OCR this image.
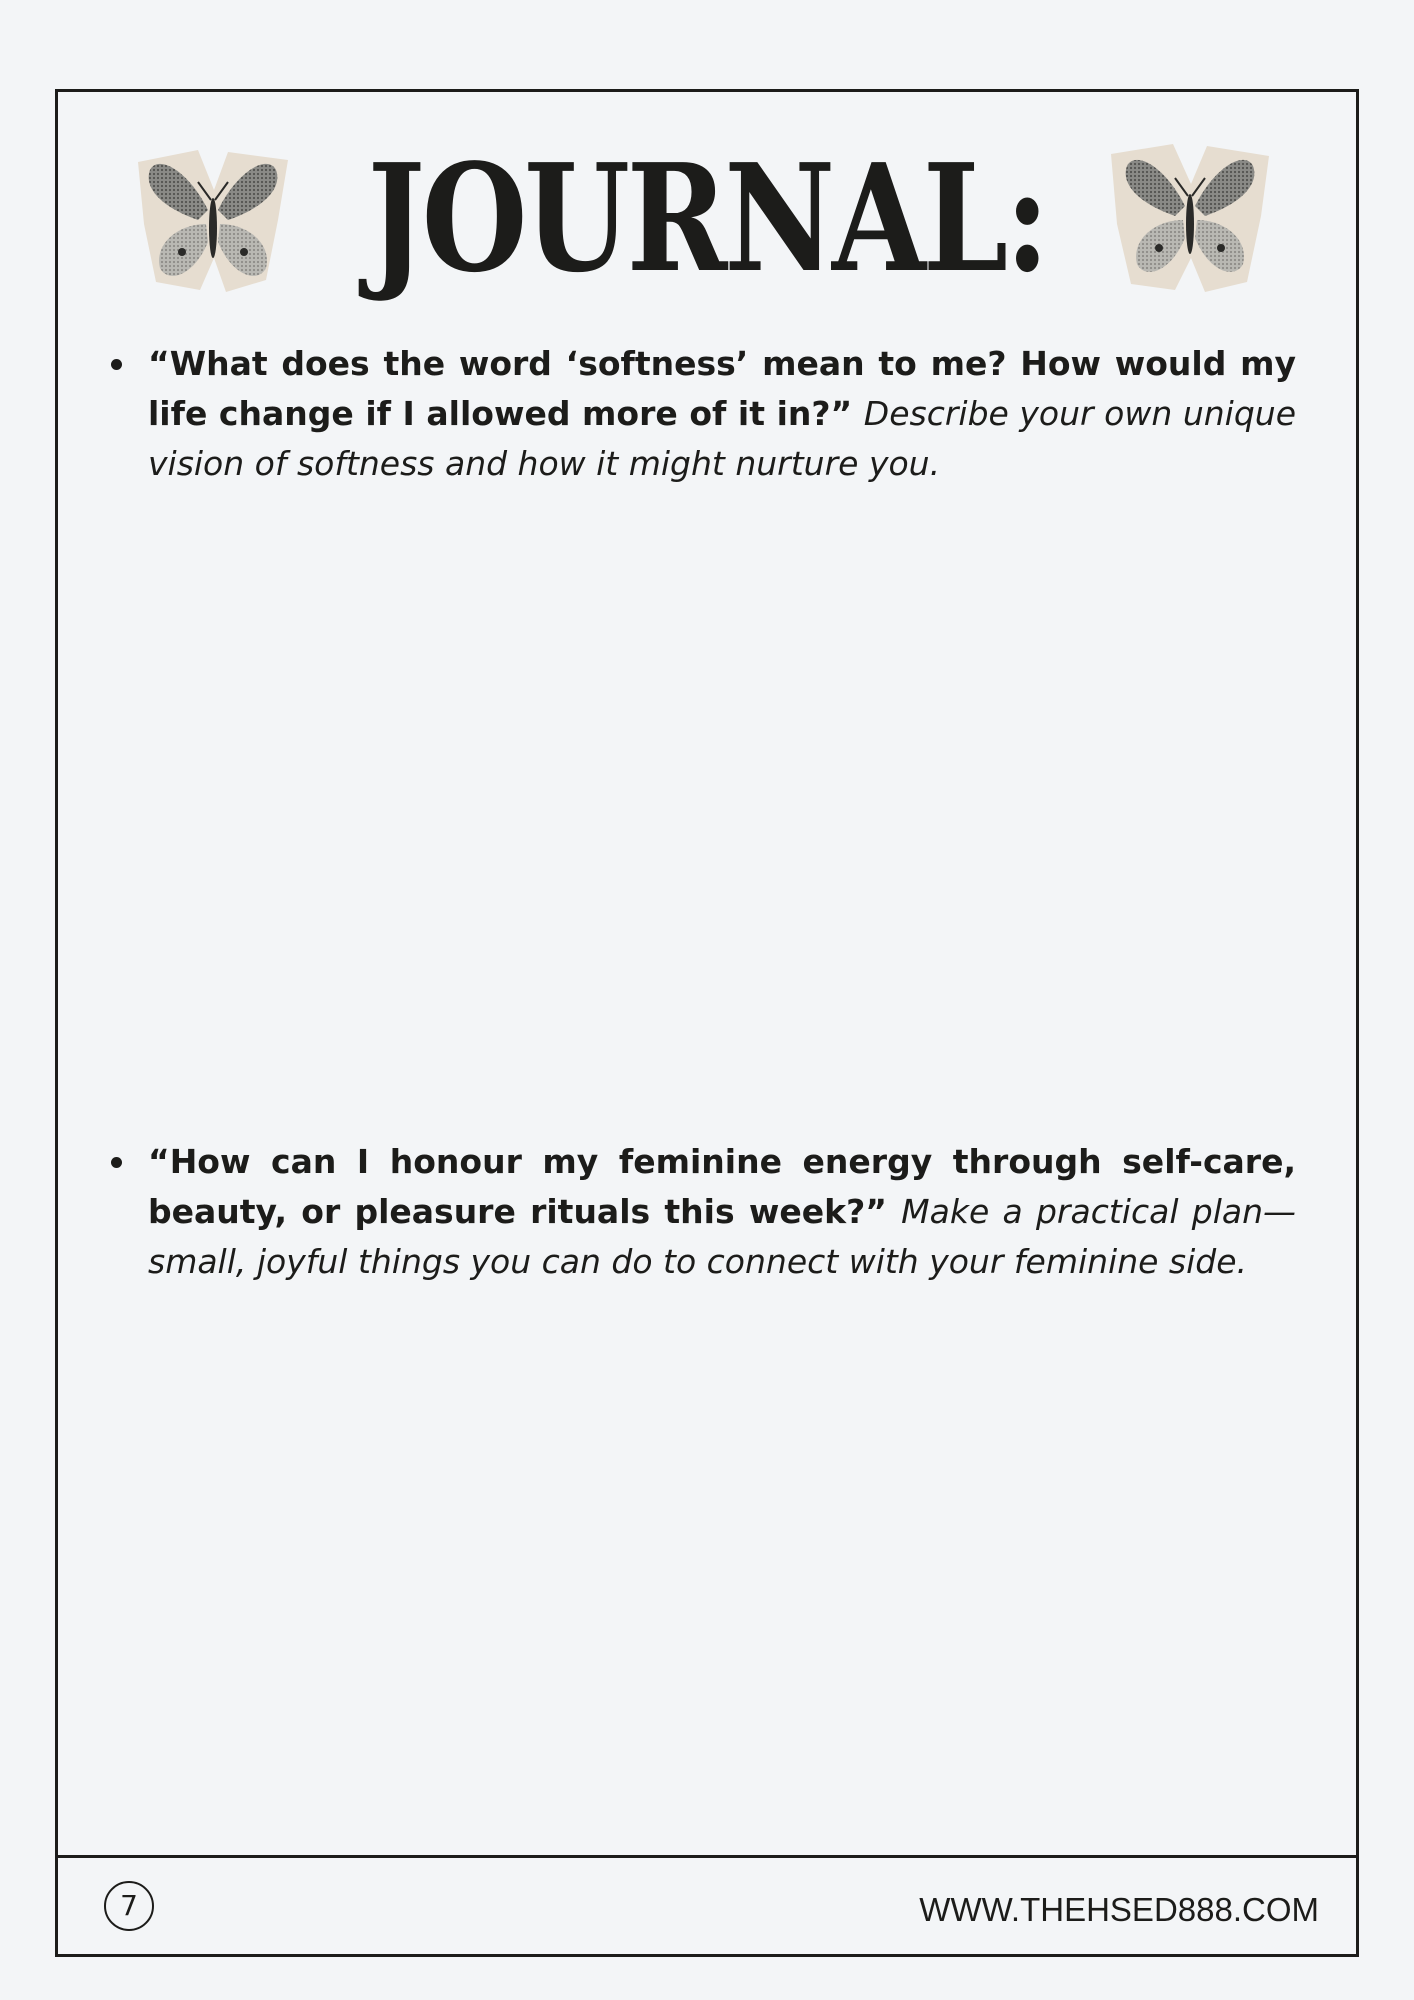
JOURNAL:
“What does the word ‘softness’ mean to me? How would my life change if I allowed more of it in?” Describe your own unique vision of softness and how it might nurture you.
“How can I honour my feminine energy through self-care, beauty, or pleasure rituals this week?” Make a practical plan—small, joyful things you can do to connect with your feminine side.
7	WWW.THEHSED888.COM
